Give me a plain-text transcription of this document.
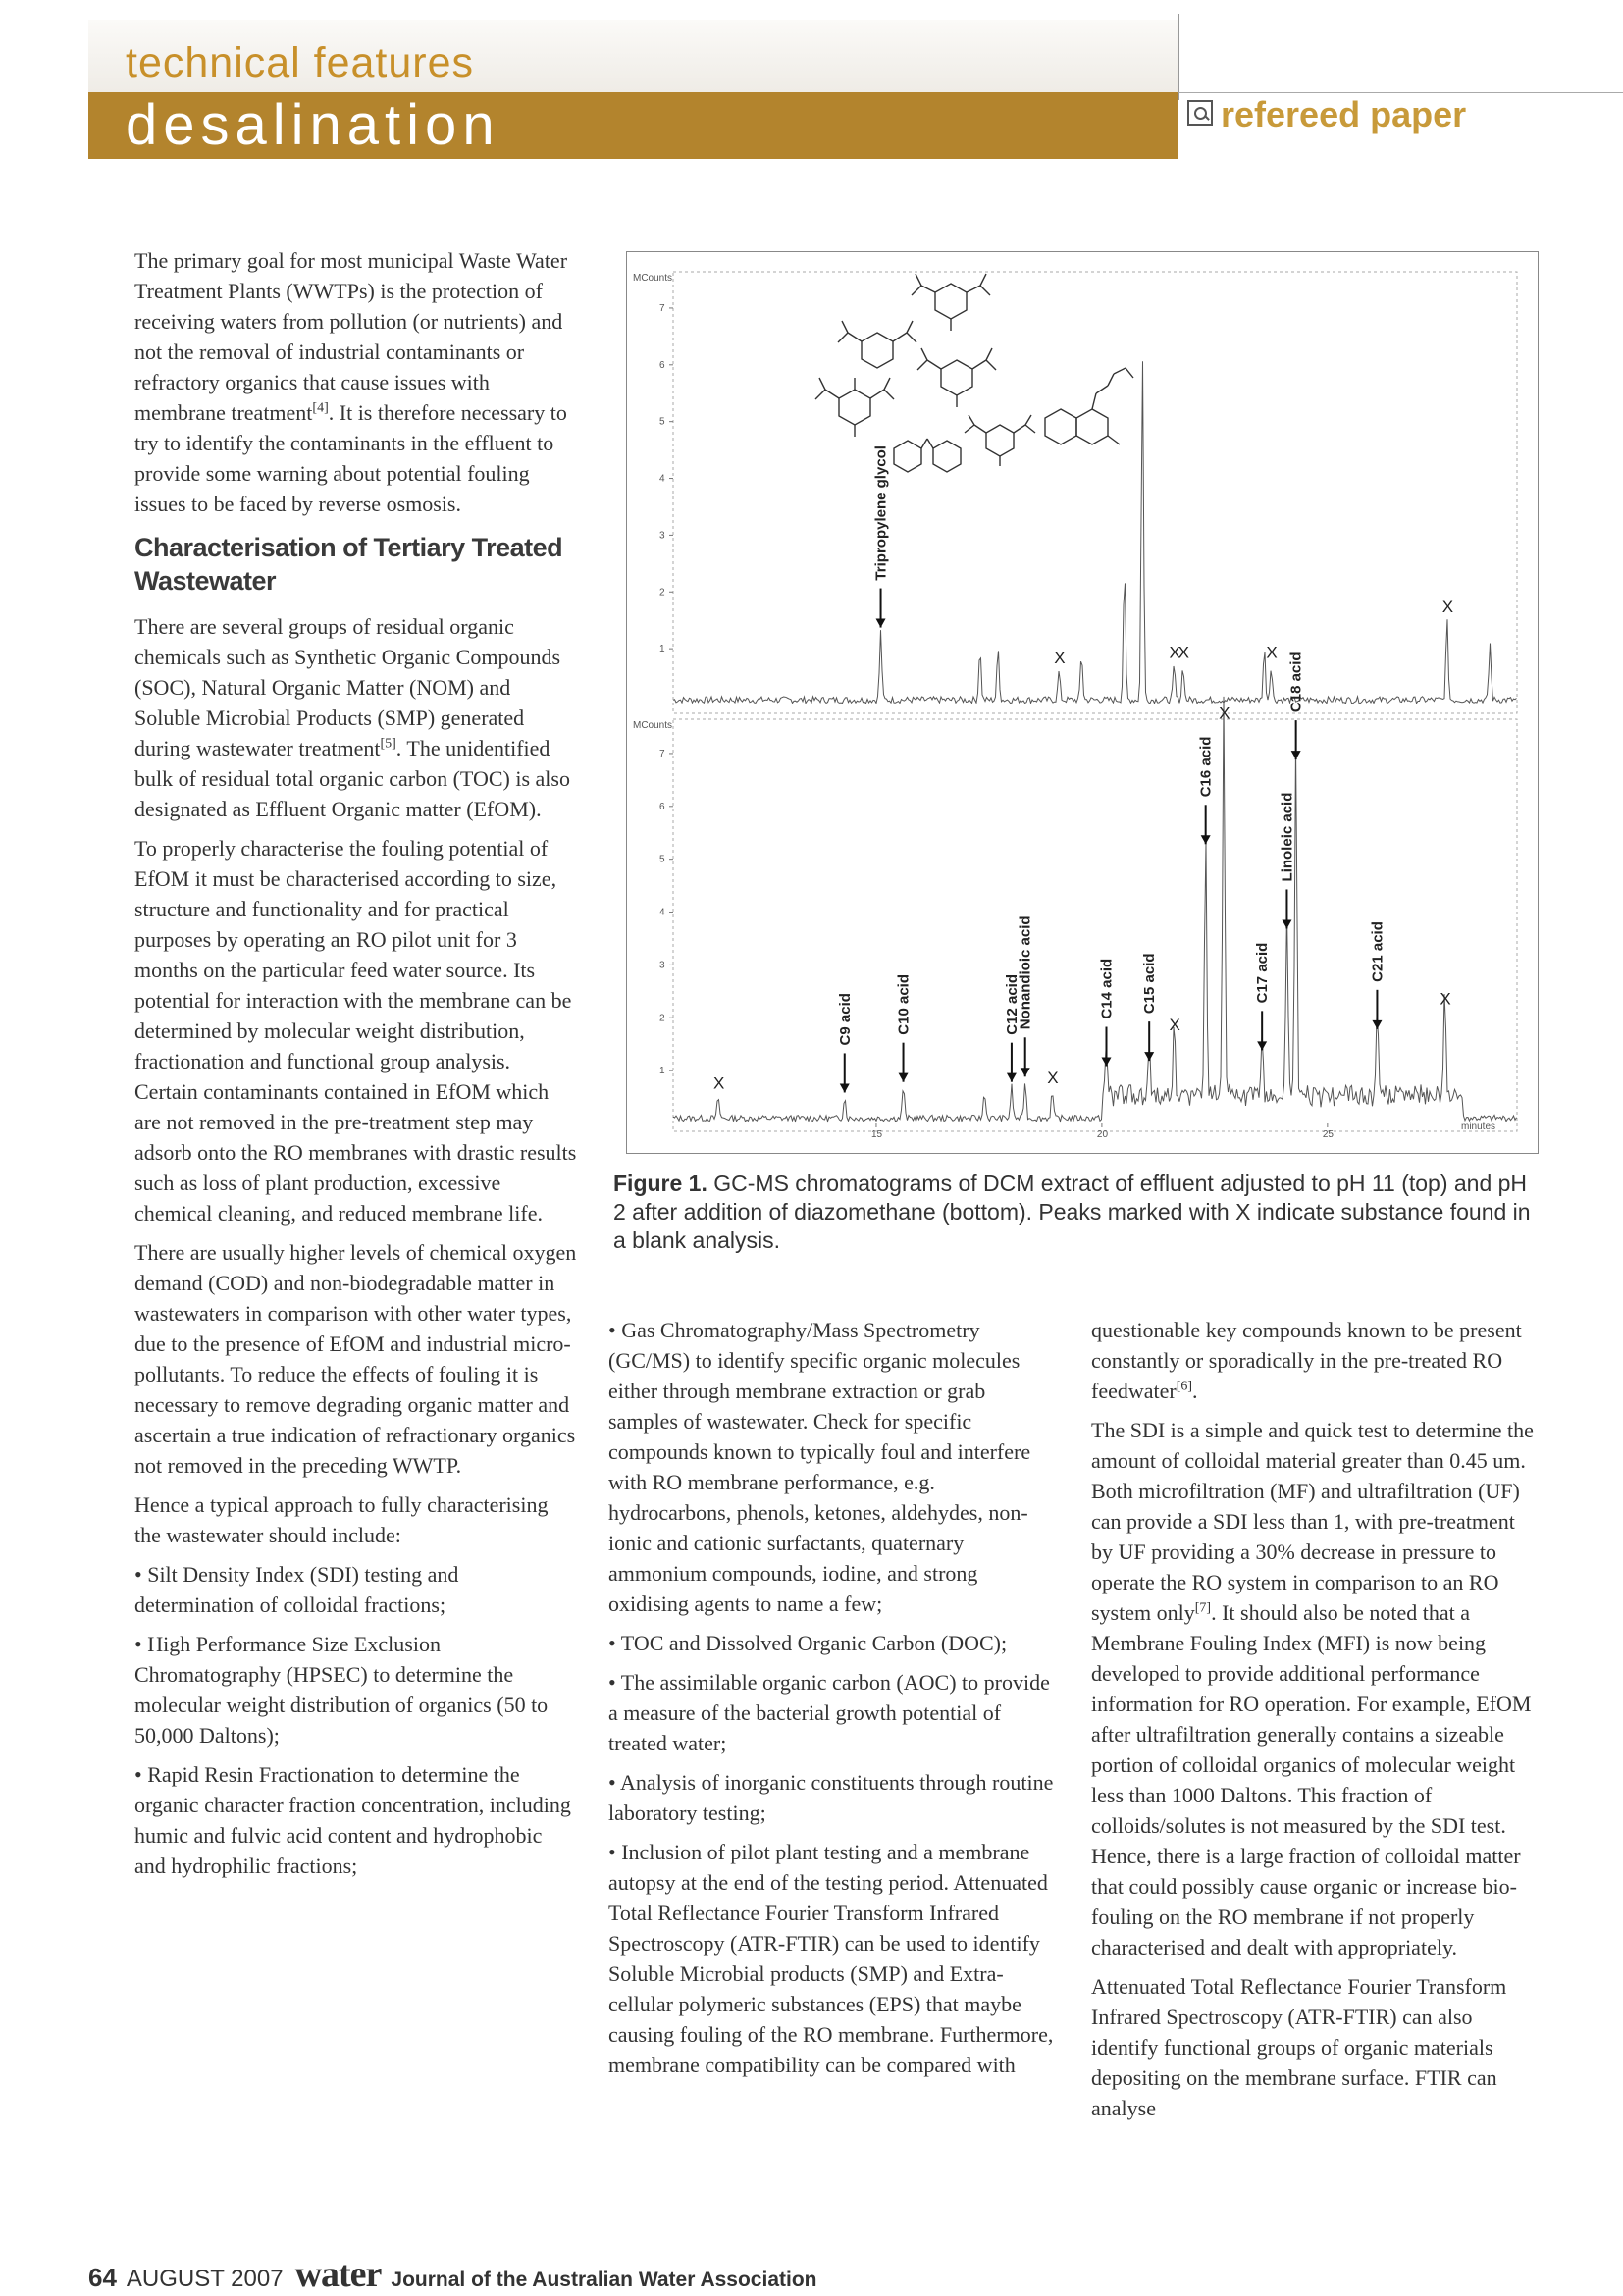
technical features
desalination	refereed paper

The primary goal for most municipal Waste Water Treatment Plants (WWTPs) is the protection of receiving waters from pollution (or nutrients) and not the removal of industrial contaminants or refractory organics that cause issues with membrane treatment[4]. It is therefore necessary to try to identify the contaminants in the effluent to provide some warning about potential fouling issues to be faced by reverse osmosis.

Characterisation of Tertiary Treated Wastewater

There are several groups of residual organic chemicals such as Synthetic Organic Compounds (SOC), Natural Organic Matter (NOM) and Soluble Microbial Products (SMP) generated during wastewater treatment[5]. The unidentified bulk of residual total organic carbon (TOC) is also designated as Effluent Organic matter (EfOM).

To properly characterise the fouling potential of EfOM it must be characterised according to size, structure and functionality and for practical purposes by operating an RO pilot unit for 3 months on the particular feed water source. Its potential for interaction with the membrane can be determined by molecular weight distribution, fractionation and functional group analysis. Certain contaminants contained in EfOM which are not removed in the pre-treatment step may adsorb onto the RO membranes with drastic results such as loss of plant production, excessive chemical cleaning, and reduced membrane life.

There are usually higher levels of chemical oxygen demand (COD) and non-biodegradable matter in wastewaters in comparison with other water types, due to the presence of EfOM and industrial micro-pollutants. To reduce the effects of fouling it is necessary to remove degrading organic matter and ascertain a true indication of refractionary organics not removed in the preceding WWTP.

Hence a typical approach to fully characterising the wastewater should include:

• Silt Density Index (SDI) testing and determination of colloidal fractions;

• High Performance Size Exclusion Chromatography (HPSEC) to determine the molecular weight distribution of organics (50 to 50,000 Daltons);

• Rapid Resin Fractionation to determine the organic character fraction concentration, including humic and fulvic acid content and hydrophobic and hydrophilic fractions;

MCounts
MCounts
minutes
1
2
3
4
5
6
7
1
2
3
4
5
6
7
15	20	25
Tripropylene glycol
X	X
X	X
X
X
C9 acid	C10 acid	C12 acid
Nonandioic acid
X
C14 acid C15 acid
X
C16 acid
X
C17 acid
Linoleic acid
C18 acid
C21 acid
X
Figure 1. GC-MS chromatograms of DCM extract of effluent adjusted to pH 11 (top) and pH 2 after addition of diazomethane (bottom). Peaks marked with X indicate substance found in a blank analysis.

• Gas Chromatography/Mass Spectrometry (GC/MS) to identify specific organic molecules either through membrane extraction or grab samples of wastewater. Check for specific compounds known to typically foul and interfere with RO membrane performance, e.g. hydrocarbons, phenols, ketones, aldehydes, non-ionic and cationic surfactants, quaternary ammonium compounds, iodine, and strong oxidising agents to name a few;

• TOC and Dissolved Organic Carbon (DOC);

• The assimilable organic carbon (AOC) to provide a measure of the bacterial growth potential of treated water;

• Analysis of inorganic constituents through routine laboratory testing;

• Inclusion of pilot plant testing and a membrane autopsy at the end of the testing period. Attenuated Total Reflectance Fourier Transform Infrared Spectroscopy (ATR-FTIR) can be used to identify Soluble Microbial products (SMP) and Extra-cellular polymeric substances (EPS) that maybe causing fouling of the RO membrane. Furthermore, membrane compatibility can be compared with

questionable key compounds known to be present constantly or sporadically in the pre-treated RO feedwater[6].

The SDI is a simple and quick test to determine the amount of colloidal material greater than 0.45 um. Both microfiltration (MF) and ultrafiltration (UF) can provide a SDI less than 1, with pre-treatment by UF providing a 30% decrease in pressure to operate the RO system in comparison to an RO system only[7]. It should also be noted that a Membrane Fouling Index (MFI) is now being developed to provide additional performance information for RO operation. For example, EfOM after ultrafiltration generally contains a sizeable portion of colloidal organics of molecular weight less than 1000 Daltons. This fraction of colloids/solutes is not measured by the SDI test. Hence, there is a large fraction of colloidal matter that could possibly cause organic or increase bio-fouling on the RO membrane if not properly characterised and dealt with appropriately.

Attenuated Total Reflectance Fourier Transform Infrared Spectroscopy (ATR-FTIR) can also identify functional groups of organic materials depositing on the membrane surface. FTIR can analyse

64 AUGUST 2007 water Journal of the Australian Water Association
